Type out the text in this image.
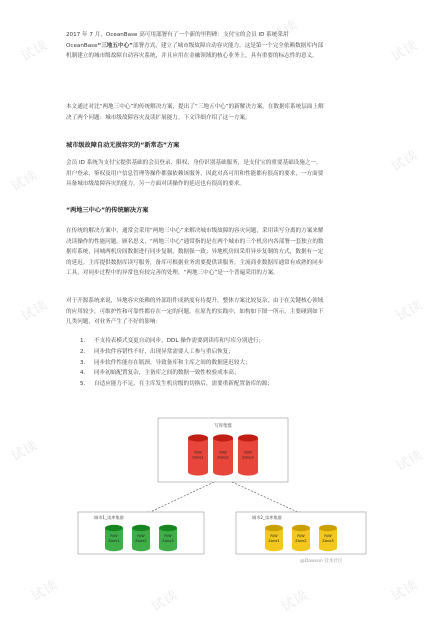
试读	试读	试读
试读
试读
试读
试读	试读
试读	试读
试读	试读	试读	试读
2017 年 7 月，OceanBase 高可用部署有了一个新的里程碑：支付宝的会员 ID 系统采用
OceanBase“三地五中心”部署方式，建立了城市级故障自动容灾能力。这是第一个完全依赖数据库内部
机制建立的城市级故障自动容灾系统，并且应用在金融领域的核心业务上，具有重要的标志性的意义。
本文通过对比“两地三中心”的传统解决方案，提出了“三地五中心”的新解决方案，在数据库系统层面上解
决了两个问题：城市级故障容灾及读扩展能力。下文详细介绍了这一方案。
城市级故障自动无损容灾的“新常态”方案
会员 ID 系统为支付宝提供基础的会员登录、限权、身份识别基础服务，是支付宝的重要基础设施之一。
用户登录、鉴权及用户信息管理等操作都强依赖该服务，因此对高可用和性能都有很高的要求，一方面要
具备城市级故障容灾的能力，另一方面对读操作的延迟也有很高的要求。
“两地三中心”的传统解决方案
在传统的解决方案中，通常会采用“两地三中心”来解决城市级故障的容灾问题，采用读写分离的方案来解
决读操作的性能问题。顾名思义，“两地三中心”通常指的是在两个城市的三个机房内各部署一套独立的数
据库系统，同城两机房间数据进行同步复制，数据强一致；异地机房间采用异步复制的方式，数据有一定
的延迟。主库提供数据库读写服务，备库可根据业务需要提供读服务。主流商业数据库通常有成熟的同步
工具，对同步过程中的异常也有较完善的处理，“两地三中心”是一个普遍采用的方案。
对于开源系统来说，异地容灾依赖的外部组件成熟度有待提升，整体方案比较复杂，由于在关键核心领域
的应用较少，可维护性和可靠性都存在一定的问题。在原先的实践中，如构如下图一所示，主要碰到如下
几类问题，对业务产生了不好的影响：
1.	不支持表模式变更自动同步，DDL 操作需要到读库和写库分别进行；
2.	同步软件容错性不好，出现异常需要人工参与重启恢复；
3.	同步软件性能存在瓶颈，导致备库和主库之间的数据延迟较大；
4.	同步初始配置复杂，主备库之间的数据一致性校验成本高；
5.	自适应能力不足，在主库发生机房级的切换后，需要重新配置备库的源；
写库集群
R/W
Zone1
R/W
Zone2
R/W
Zone3
城市1_读库集群
R/W
Zone1
R/W
Zone2
R/W
Zone3
城市2_读库集群
R/W
Zone1
R/W
Zone2
R/W
Zone3
@Dawson 技术社区
